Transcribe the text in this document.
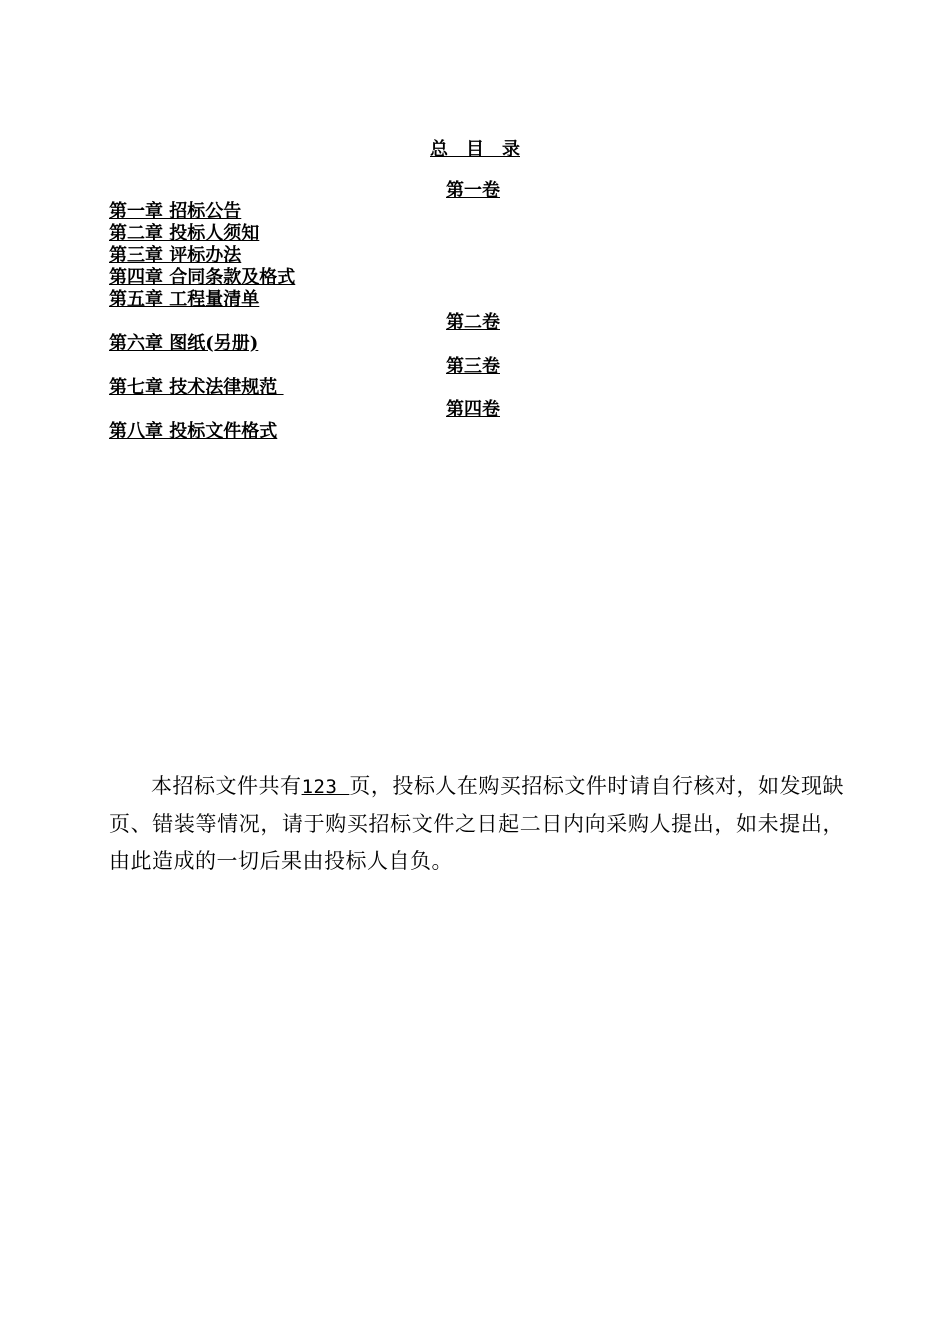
总　目　录
第一卷
第一章 招标公告
第二章 投标人须知
第三章 评标办法
第四章 合同条款及格式
第五章 工程量清单
第二卷
第六章 图纸(另册)
第三卷
第七章 技术法律规范
第四卷
第八章 投标文件格式
本招标文件共有123 页，投标人在购买招标文件时请自行核对，如发现缺页、错装等情况，请于购买招标文件之日起二日内向采购人提出，如未提出，由此造成的一切后果由投标人自负。
